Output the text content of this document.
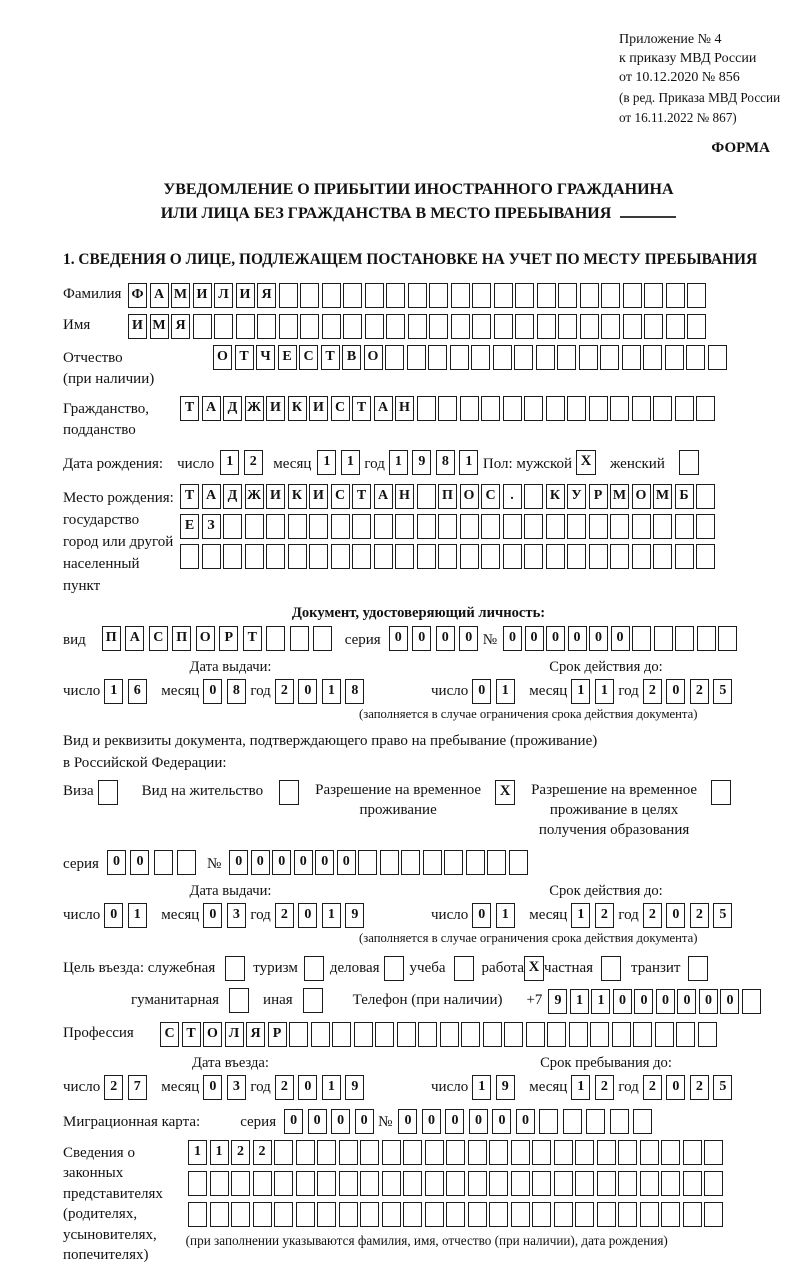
Приложение № 4
к приказу МВД России
от 10.12.2020 № 856
(в ред. Приказа МВД России
от 16.11.2022 № 867)
ФОРМА
УВЕДОМЛЕНИЕ О ПРИБЫТИИ ИНОСТРАННОГО ГРАЖДАНИНА
ИЛИ ЛИЦА БЕЗ ГРАЖДАНСТВА В МЕСТО ПРЕБЫВАНИЯ
1. СВЕДЕНИЯ О ЛИЦЕ, ПОДЛЕЖАЩЕМ ПОСТАНОВКЕ НА УЧЕТ ПО МЕСТУ ПРЕБЫВАНИЯ
Фамилия Ф А М И Л И Я
Имя	И М Я
Отчество
(при наличии)
О Т Ч Е С Т В О
Гражданство,
подданство
Т А Д Ж И К И С Т А Н
Дата рождения: число 1 2	месяц 1 1 год 1 9 8 1 Пол: мужской X	женский
Место рождения:
государство
город или другой
населенный пункт
Т А Д Ж И К И С Т А Н П О С .	К У Р М О М Б
Е З
Документ, удостоверяющий личность:
вид П А С П О Р Т	серия	0 0 0 0 № 0 0 0 0 0 0
Дата выдачи:
число 1 6	месяц 0 8 год 2 0 1 8
Срок действия до:
число 0 1	месяц 1 1 год 2 0 2 5
(заполняется в случае ограничения срока действия документа)
Вид и реквизиты документа, подтверждающего право на пребывание (проживание)
в Российской Федерации:
Виза	Вид на жительство	Разрешение на временное
проживание
X	Разрешение на временное
проживание в целях
получения образования
серия	0 0	№	0 0 0 0 0 0
Дата выдачи:
число 0 1	месяц 0 3 год 2 0 1 9
Срок действия до:
число 0 1	месяц 1 2 год 2 0 2 5
(заполняется в случае ограничения срока действия документа)
Цель въезда: служебная	туризм деловая учеба работа X частная	транзит
гуманитарная	иная	Телефон (при наличии) +7 9 1 1 0 0 0 0 0 0
Профессия	С Т О Л Я Р
Дата въезда:
число 2 7	месяц 0 3 год 2 0 1 9
Срок пребывания до:
число 1 9	месяц 1 2 год 2 0 2 5
Миграционная карта:	серия	0 0 0 0 № 0 0 0 0 0 0
Сведения о
законных
представителях
(родителях,
усыновителях,
попечителях)
1 1 2 2
(при заполнении указываются фамилия, имя, отчество (при наличии), дата рождения)
